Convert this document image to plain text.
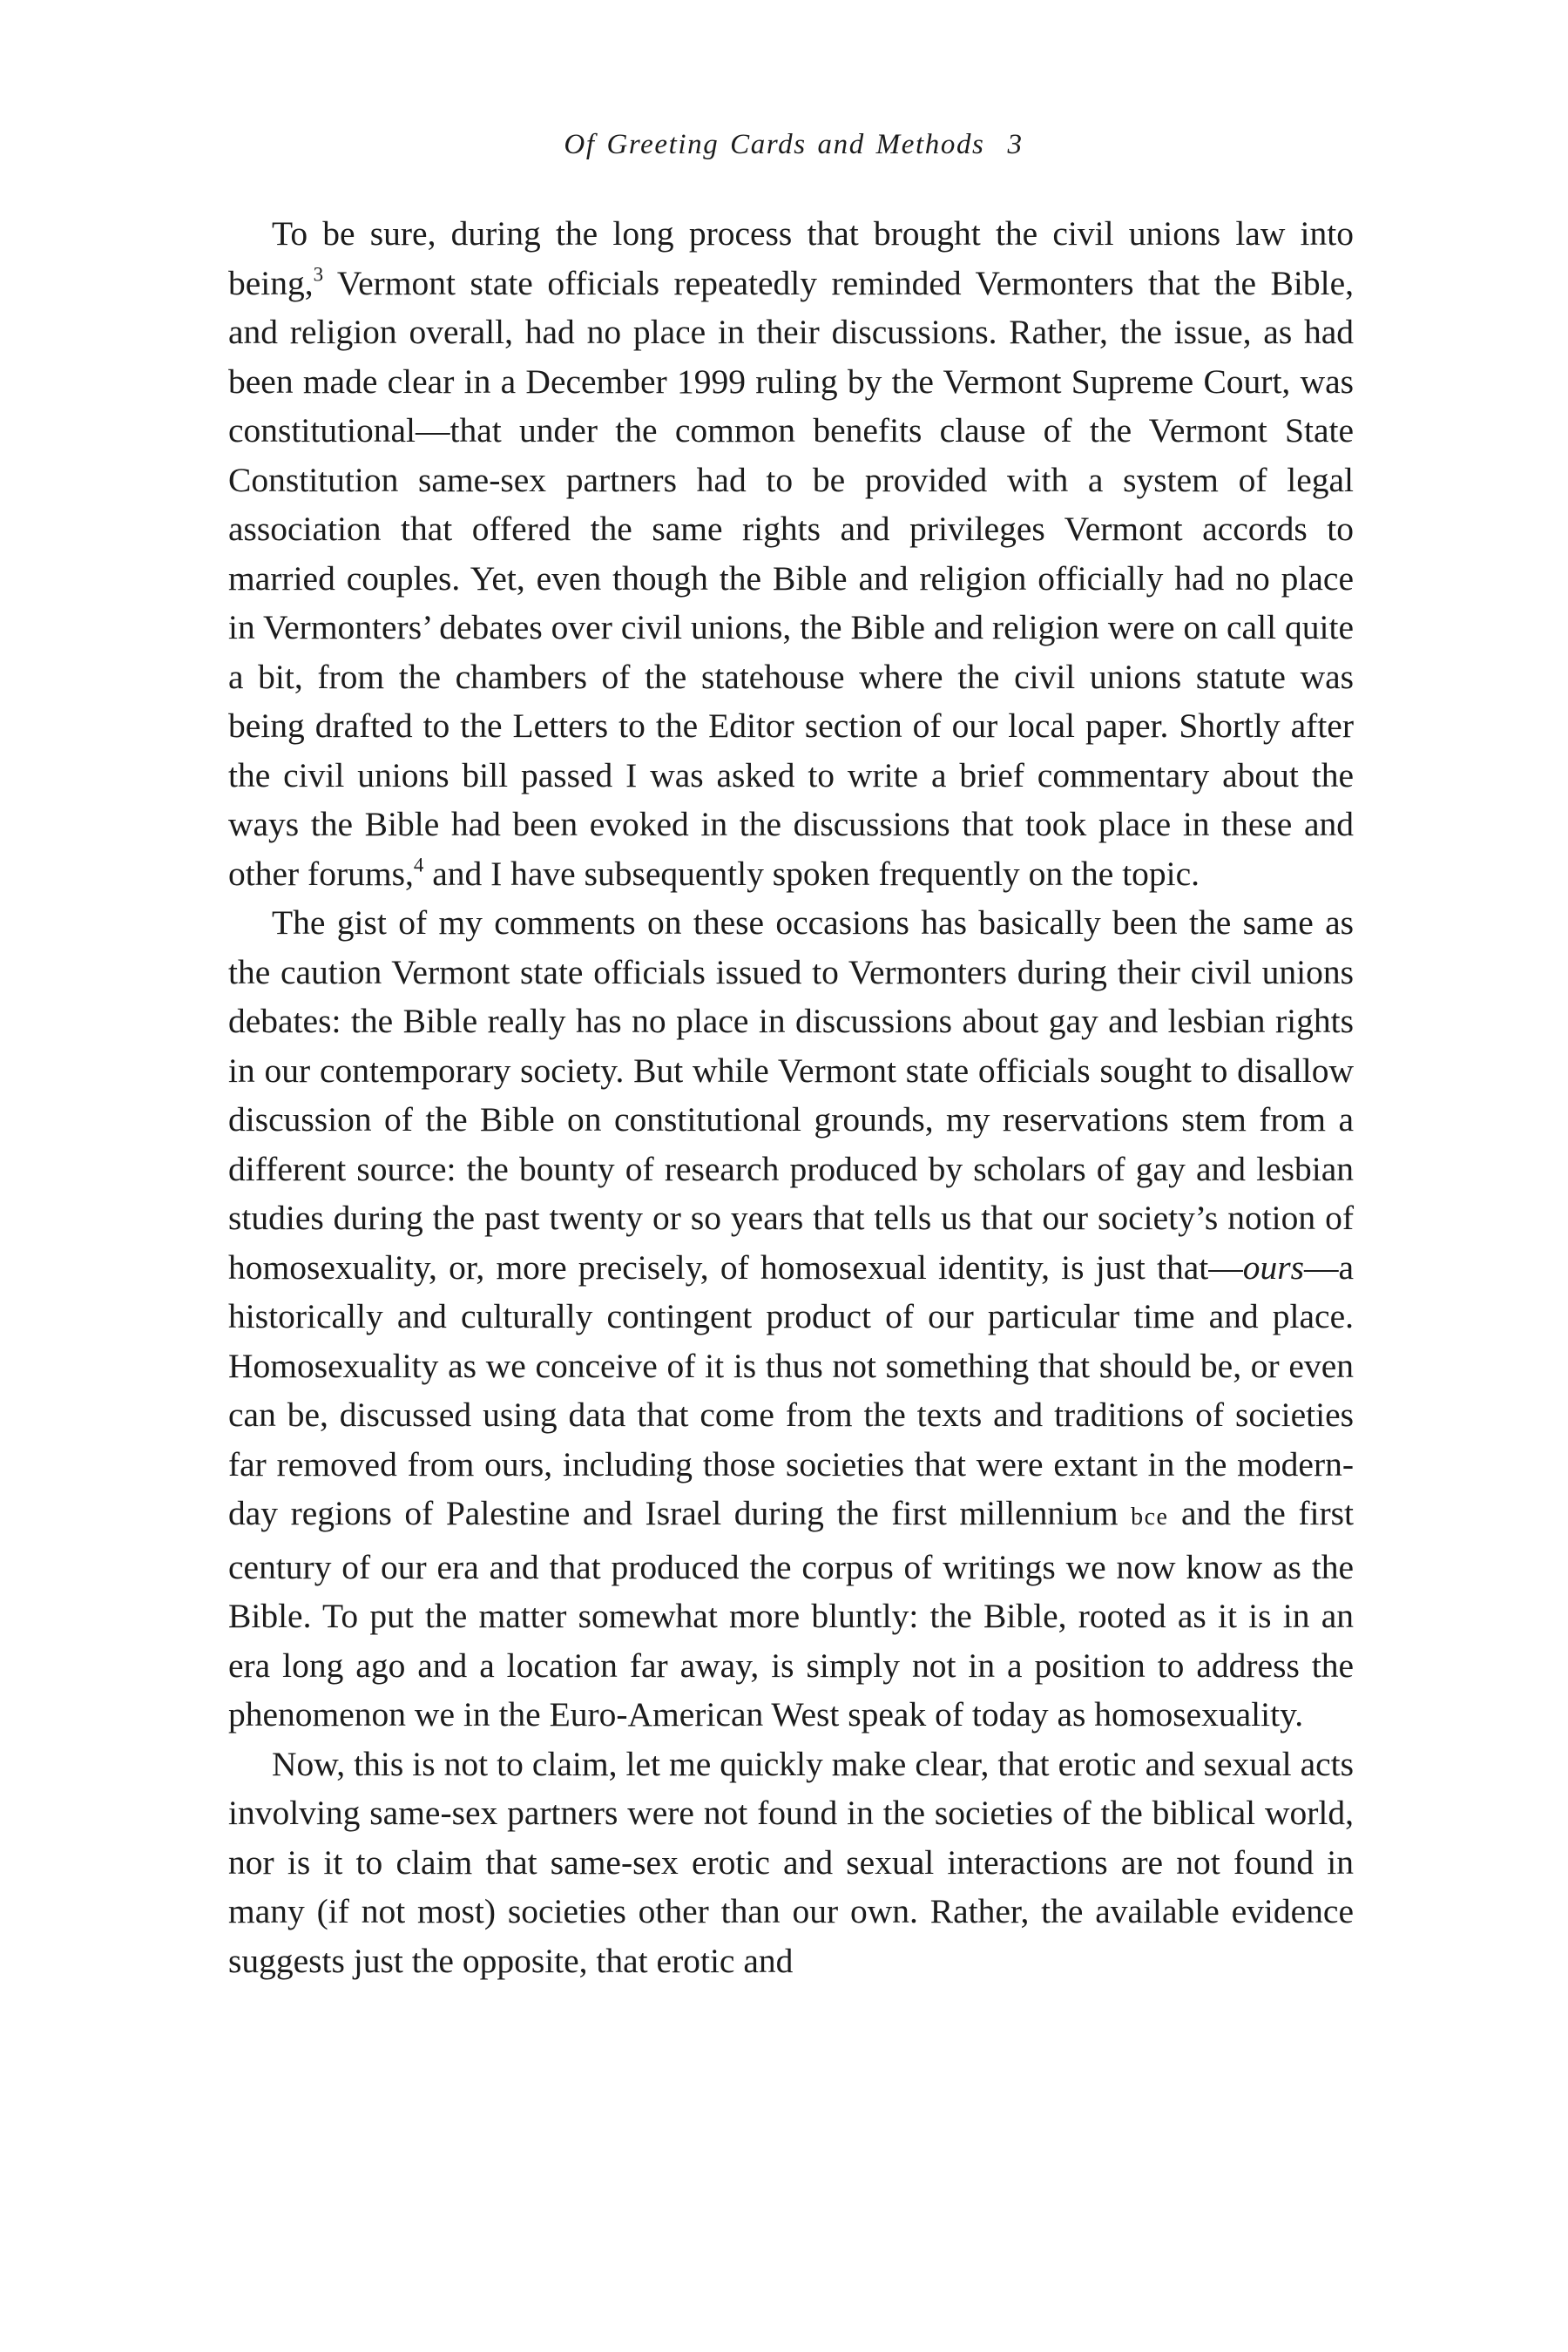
Of Greeting Cards and Methods 3

To be sure, during the long process that brought the civil unions law into being,$^3$ Vermont state officials repeatedly reminded Vermonters that the Bible, and religion overall, had no place in their discussions. Rather, the issue, as had been made clear in a December 1999 ruling by the Vermont Supreme Court, was constitutional—that under the common benefits clause of the Vermont State Constitution same-sex partners had to be provided with a system of legal association that offered the same rights and privileges Vermont accords to married couples. Yet, even though the Bible and religion officially had no place in Vermonters’ debates over civil unions, the Bible and religion were on call quite a bit, from the chambers of the statehouse where the civil unions statute was being drafted to the Letters to the Editor section of our local paper. Shortly after the civil unions bill passed I was asked to write a brief commentary about the ways the Bible had been evoked in the discussions that took place in these and other forums,$^4$ and I have subsequently spoken frequently on the topic.

The gist of my comments on these occasions has basically been the same as the caution Vermont state officials issued to Vermonters during their civil unions debates: the Bible really has no place in discussions about gay and lesbian rights in our contemporary society. But while Vermont state officials sought to disallow discussion of the Bible on constitutional grounds, my reservations stem from a different source: the bounty of research produced by scholars of gay and lesbian studies during the past twenty or so years that tells us that our society’s notion of homosexuality, or, more precisely, of homosexual identity, is just that—ours—a historically and culturally contingent product of our particular time and place. Homosexuality as we conceive of it is thus not something that should be, or even can be, discussed using data that come from the texts and traditions of societies far removed from ours, including those societies that were extant in the modern-day regions of Palestine and Israel during the first millennium bce and the first century of our era and that produced the corpus of writings we now know as the Bible. To put the matter somewhat more bluntly: the Bible, rooted as it is in an era long ago and a location far away, is simply not in a position to address the phenomenon we in the Euro-American West speak of today as homosexuality.

Now, this is not to claim, let me quickly make clear, that erotic and sexual acts involving same-sex partners were not found in the societies of the biblical world, nor is it to claim that same-sex erotic and sexual interactions are not found in many (if not most) societies other than our own. Rather, the available evidence suggests just the opposite, that erotic and
